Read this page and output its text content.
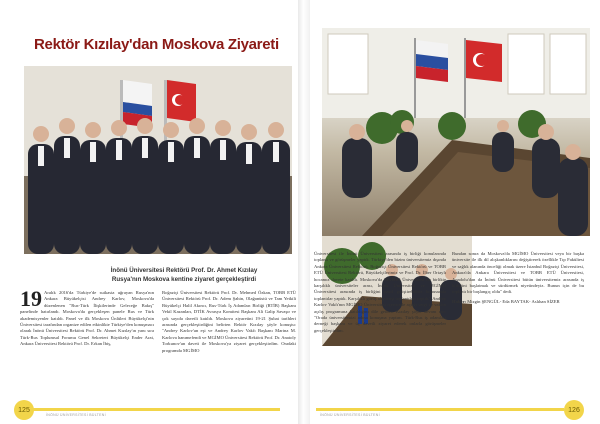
Rektör Kızılay'dan Moskova Ziyareti
İnönü Üniversitesi Rektörü Prof. Dr. Ahmet Kızılay
Rusya'nın Moskova kentine ziyaret gerçekleştirdi
19 Aralık 2016'da Türkiye'de suikasta uğrayan Rusya'nın Ankara Büyükelçisi Andrey Karlov, Moskova'da düzenlenen "Rus-Türk İlişkilerinde Geleceğe Bakış" panelinde hatırlandı. Moskova'da gerçekleşen panele Rus ve Türk akademisyenler katıldı. Panel ve ilk Moskova Ünlüleri Büyükelçi'nin Üniversitesi tarafından organize edilen etkinlikte Türkiye'den konuşmacı olarak İnönü Üniversitesi Rektörü Prof. Dr. Ahmet Kızılay'ın yanı sıra Türk-Rus Toplumsal Forumu Genel Sekreteri Büyükelçi Ender Arat, Ankara Üniversitesi Rektörü Prof. Dr. Erkan İbiş,
Boğaziçi Üniversitesi Rektörü Prof. Dr. Mehmed Özkan, TOBB ETÜ Üniversitesi Rektörü Prof. Dr. Adem Şahin, Olağanüstü ve Tam Yetkili Büyükelçi Halil Akıncı, Rus-Türk İş Adamları Birliği (RTİB) Başkanı Vekil Kazanları, DTİK Avrasya Komitesi Başkanı Ali Galip Savaşır ve çok sayıda davetli katıldı. Moskova ziyaretini 19-21 Şubat tarihleri arasında gerçekleştirdiğini belirten Rektör Kızılay şöyle konuştu: "Andrey Karlov'un eşi ve Andrey Karlov Vakfı Başkanı Marina M. Karlova hanımefendi ve MGİMO Üniversitesi Rektörü Prof. Dr. Anatoly Torkunov'un daveti ile Moskova'ya ziyaret gerçekleştirdim. Oradaki programda MGİMO
İNÖNÜ ÜNİVERSİTESİ BÜLTENİ
125
Üniversitesi ile İnönü Üniversitesi arasında iş birliği konularında toplantı ve görüşmeler yaptık. Türkiye'den bizim üniversitemiz dışında Ankara Üniversitesi Rektörü, Boğaziçi Üniversitesi Rektörü ve TOBB ETÜ Üniversitesi Rektörü, Büyükelçilerimiz ve Prof. Dr. İlber Ortaylı hocamız davete katıldı. Moskova'da MGİMO Üniversitesi ile birlikte karşılıklı üniversiteler arası, İnönü Üniversitesi ve MGİMO Üniversitesi arasında iş birliğini nasıl geliştirebiliriz konusunda toplantılar yaptık. Karşılıklı görüş alışverişi toplantıları yaptık." Andrey Karlov Vakfı'nın MGİMO Üniversitesi içerisinde açtığı sergi ve vakfın açılış programına katıldığını dile getiren Kızılay şöyle devam etti: "Orada üniversitemizi adına konuşma yaptım. Türk-Rus iş adamları derneği başkanı ve üç davetli ziyaret ederek onlarla görüşmeler gerçekleştirdim.

Bundan sonra da Moskova'da MGİMO Üniversitesi veya bir başka üniversite ile ilk dil alışkanlıklarını değiştirerek özellikle Tıp Fakültesi ve sağlık alanında önceliği olmak üzere İstanbul Boğaziçi Üniversitesi, Ankara'da Ankara Üniversitesi ve TOBB ETÜ Üniversitesi, Anadolu'dan da İnönü Üniversitesi bütün üniversitemiz arasında iş birliğini başlatmak ve sürdürmek niyetindeyiz. Bunun için de bu toplantı bir başlangıç oldu" dedi.

Haber: Mizgin ŞENGÜL- Eda BAYTAK- Aslıhan SİZER

İNÖNÜ ÜNİVERSİTESİ BÜLTENİ
126
